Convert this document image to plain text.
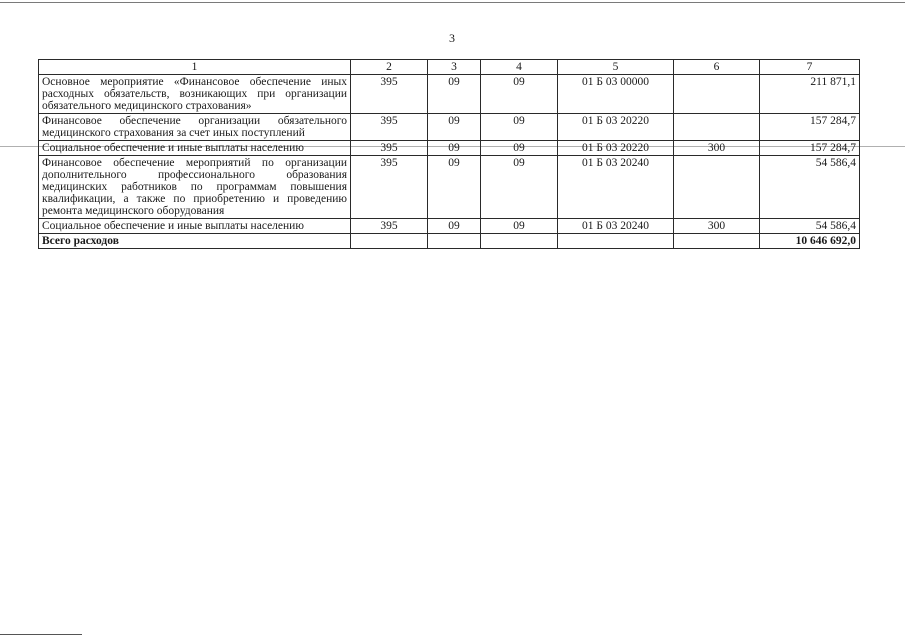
3
1	2	3	4	5	6	7
Основное мероприятие «Финансовое обеспечение иных расходных обязательств, возникающих при организации обязательного медицинского страхования»	395	09	09	01 Б 03 00000		211 871,1
Финансовое обеспечение организации обязательного медицинского страхования за счет иных поступлений	395	09	09	01 Б 03 20220		157 284,7
Социальное обеспечение и иные выплаты населению	395	09	09	01 Б 03 20220	300	157 284,7
Финансовое обеспечение мероприятий по организации дополнительного профессионального образования медицинских работников по программам повышения квалификации, а также по приобретению и проведению ремонта медицинского оборудования	395	09	09	01 Б 03 20240		54 586,4
Социальное обеспечение и иные выплаты населению	395	09	09	01 Б 03 20240	300	54 586,4
Всего расходов						10 646 692,0
